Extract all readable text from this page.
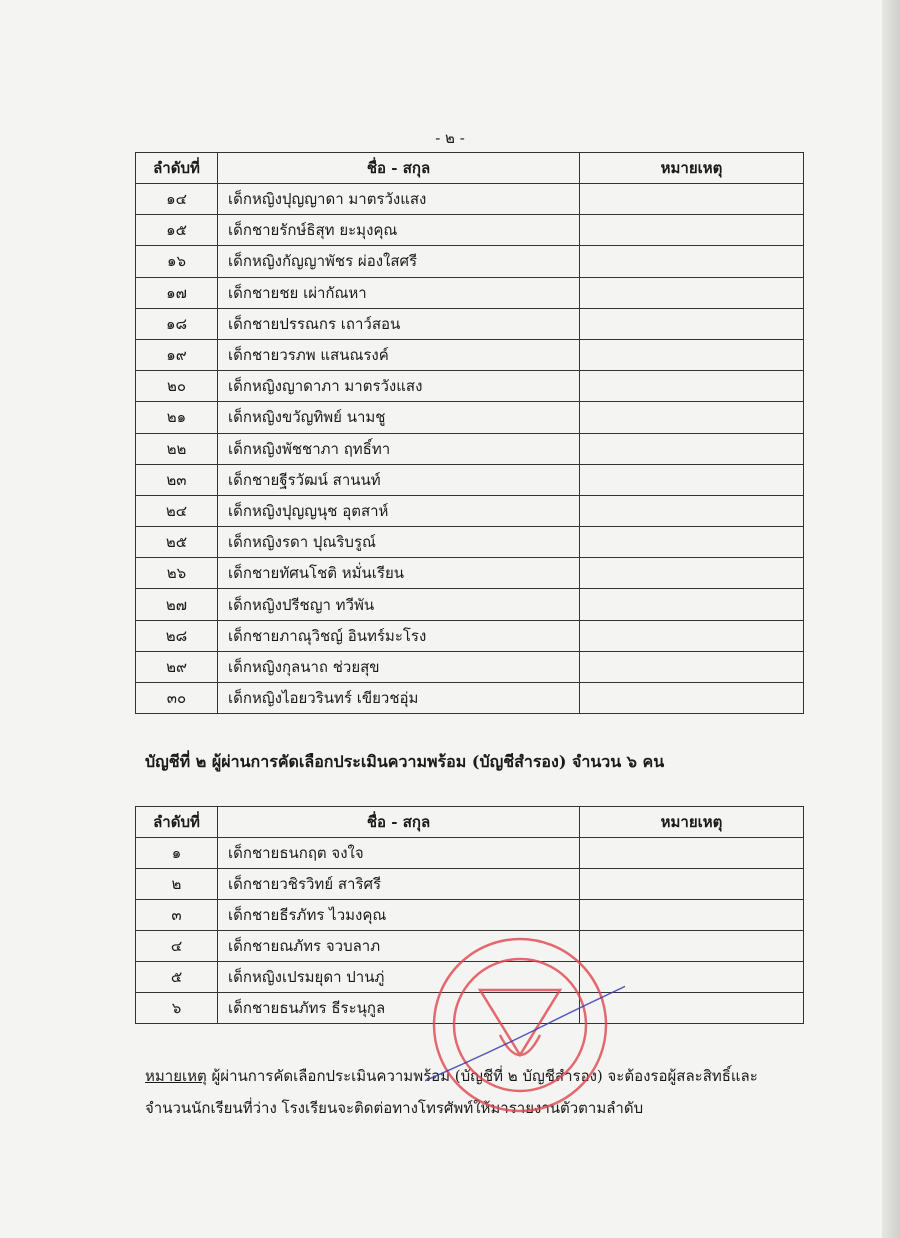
- ๒ -
ลำดับที่	ชื่อ - สกุล	หมายเหตุ
๑๔	เด็กหญิงปุญญาดา มาตรวังแสง	
๑๕	เด็กชายรักษ์ธิสุท ยะมุงคุณ	
๑๖	เด็กหญิงกัญญาพัชร ผ่องใสศรี	
๑๗	เด็กชายชย เผ่ากัณหา	
๑๘	เด็กชายปรรณกร เถาว์สอน	
๑๙	เด็กชายวรภพ แสนณรงค์	
๒๐	เด็กหญิงญาดาภา มาตรวังแสง	
๒๑	เด็กหญิงขวัญทิพย์ นามชู	
๒๒	เด็กหญิงพัชชาภา ฤทธิ์ทา	
๒๓	เด็กชายฐีรวัฒน์ สานนท์	
๒๔	เด็กหญิงปุญญนุช อุตสาห์	
๒๕	เด็กหญิงรดา ปุณริบรูณ์	
๒๖	เด็กชายทัศนโชติ หมั่นเรียน	
๒๗	เด็กหญิงปรีชญา ทวีพัน	
๒๘	เด็กชายภาณุวิชญ์ อินทร์มะโรง	
๒๙	เด็กหญิงกุลนาถ ช่วยสุข	
๓๐	เด็กหญิงไอยวรินทร์ เขียวชอุ่ม	
บัญชีที่ ๒ ผู้ผ่านการคัดเลือกประเมินความพร้อม (บัญชีสำรอง) จำนวน ๖ คน
ลำดับที่	ชื่อ - สกุล	หมายเหตุ
๑	เด็กชายธนกฤต จงใจ	
๒	เด็กชายวชิรวิทย์ สาริศรี	
๓	เด็กชายธีรภัทร ไวมงคุณ	
๔	เด็กชายณภัทร จวบลาภ	
๕	เด็กหญิงเปรมยุดา ปานภู่	
๖	เด็กชายธนภัทร ธีระนุกูล	
หมายเหตุ ผู้ผ่านการคัดเลือกประเมินความพร้อม (บัญชีที่ ๒ บัญชีสำรอง) จะต้องรอผู้สละสิทธิ์และจำนวนนักเรียนที่ว่าง โรงเรียนจะติดต่อทางโทรศัพท์ให้มารายงานตัวตามลำดับ
